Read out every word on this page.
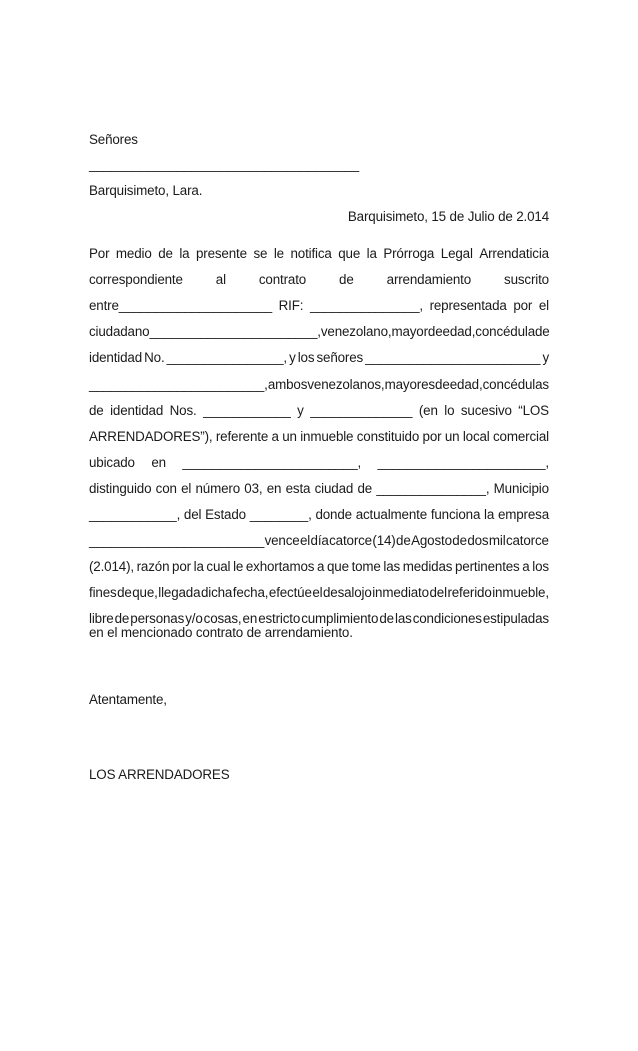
Señores
_____________________________________
Barquisimeto, Lara.
Barquisimeto, 15 de Julio de 2.014
Por medio de la presente se le notifica que la Prórroga Legal Arrendaticia
correspondiente al contrato de arrendamiento suscrito
entre_____________________ RIF: _______________, representada por el
ciudadano _______________________, venezolano, mayor de edad, con cédula de
identidad No. ________________, y los señores ________________________ y
________________________, ambos venezolanos, mayores de edad, con cédulas
de identidad Nos. ____________ y ______________ (en lo sucesivo “LOS
ARRENDADORES”), referente a un inmueble constituido por un local comercial
ubicado en ________________________, _______________________,
distinguido con el número 03, en esta ciudad de _______________, Municipio
____________, del Estado ________, donde actualmente funciona la empresa
________________________ vence el día catorce (14) de Agosto de dos mil catorce
(2.014), razón por la cual le exhortamos a que tome las medidas pertinentes a los
fines de que, llegada dicha fecha, efectúe el desalojo inmediato del referido inmueble,
libre de personas y/o cosas, en estricto cumplimiento de las condiciones estipuladas
en el mencionado contrato de arrendamiento.
Atentamente,
LOS ARRENDADORES
